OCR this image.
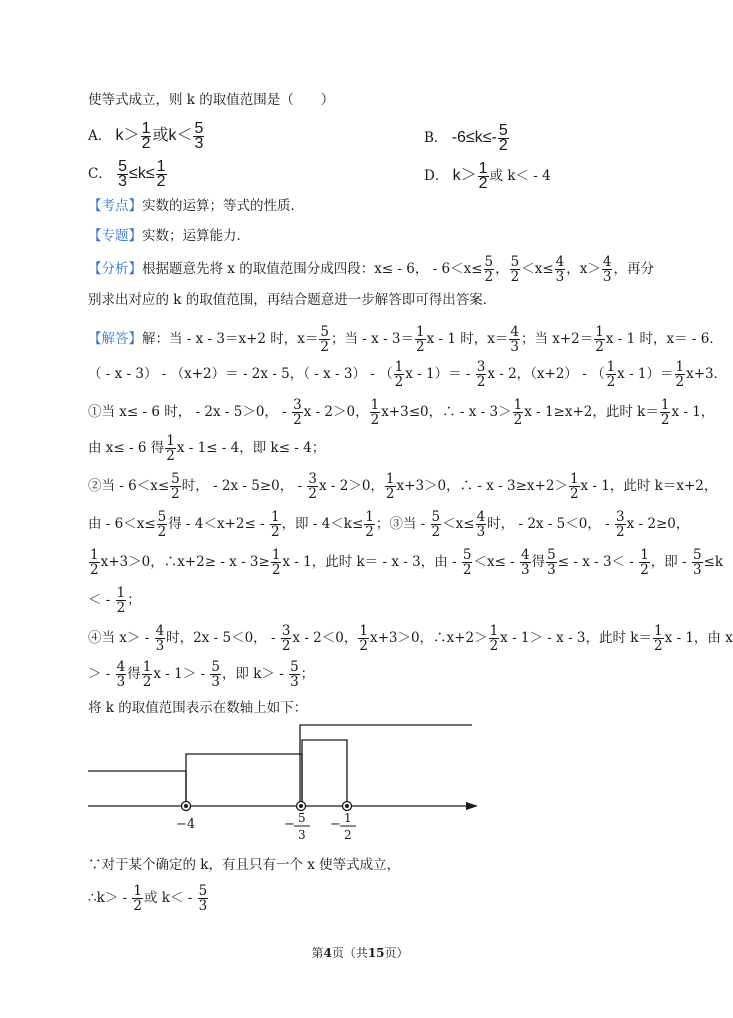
使等式成立，则 k 的取值范围是（　　）
A． $k> \frac{1}{2}$ 或$k< \frac{5}{3}$	B． $-6\le k\le- \frac{5}{2}$
C． $\frac{5}{3} \le k\le \frac{1}{2}$	D． $k> \frac{1}{2}$ 或 k＜ - 4
【考点】实数的运算；等式的性质．
【专题】实数；运算能力．
【分析】根据题意先将 x 的取值范围分成四段：x≤ - 6， - $6<x\le \frac{5}{2}$ ， $\frac{5}{2} <x\le \frac{4}{3}$ ，$x> \frac{4}{3}$ ，再分
别求出对应的 k 的取值范围，再结合题意进一步解答即可得出答案．
【解答】解：当 - x - 3＝x+2 时，$x= \frac{5}{2}$ ；当 - $x - 3= \frac{1}{2}$ x - 1 时，$x= \frac{4}{3}$ ；当 $x+2= \frac{1}{2}$ x - 1 时，x＝ - 6．
（ - x - 3） - （x+2）＝ - 2x - 5，（ - x - 3） - （ $\frac{1}{2}$ $x - 1)= - \frac{3}{2}$ x - 2，（x+2） - （ $\frac{1}{2}$ $x - 1)= \frac{1}{2} x+3$．
①当 x≤ - 6 时， - 2x - 5＞0， - $\frac{3}{2}$ x - 2＞0， $\frac{1}{2} x+3\le 0$，∴ - $x - 3> \frac{1}{2}$ x - 1≥x+2，此时 $k= \frac{1}{2}$ x - 1，
由 x≤ - 6 得 $\frac{1}{2}$ x - 1≤ - 4，即 k≤ - 4；
②当 - $6<x\le \frac{5}{2}$ 时， - 2x - 5≥0， - $\frac{3}{2}$ x - 2＞0， $\frac{1}{2} x+3>0$，∴ - $x - 3\ge x+2> \frac{1}{2}$ x - 1，此时 k＝x+2，
由 - $6<x\le \frac{5}{2}$ 得 - $4<x+2\le - \frac{1}{2}$ ，即 - $4<k\le \frac{1}{2}$ ；③当 - $\frac{5}{2} <x\le \frac{4}{3}$ 时， - 2x - 5＜0， - $\frac{3}{2}$ x - 2≥0，
$\frac{1}{2} x+3>0$，∴x+2≥ - $x - 3\ge \frac{1}{2}$ x - 1，此时 k＝ - x - 3，由 - $\frac{5}{2} <x\le - \frac{4}{3}$ 得 $\frac{5}{3}$ ≤ - $x - 3< - \frac{1}{2}$ ，即 - $\frac{5}{3} \le k$
＜ - $\frac{1}{2}$ ；
④当 $x> - \frac{4}{3}$ 时，2x - 5＜0， - $\frac{3}{2}$ x - 2＜0， $\frac{1}{2} x+3>0$，∴x+2＞ $\frac{1}{2}$ x - 1＞ - x - 3，此时 $k= \frac{1}{2}$ x - 1，由 x
＞ - $\frac{4}{3}$ 得 $\frac{1}{2}$ $x - 1> - \frac{5}{3}$ ，即 $k> - \frac{5}{3}$ ；
将 k 的取值范围表示在数轴上如下：
−4	− 5
3
− 1
2
∵对于某个确定的 k，有且只有一个 x 使等式成立，
∴k＞ - $\frac{1}{2}$ 或 $k< - \frac{5}{3}$
第4页（共15页）
